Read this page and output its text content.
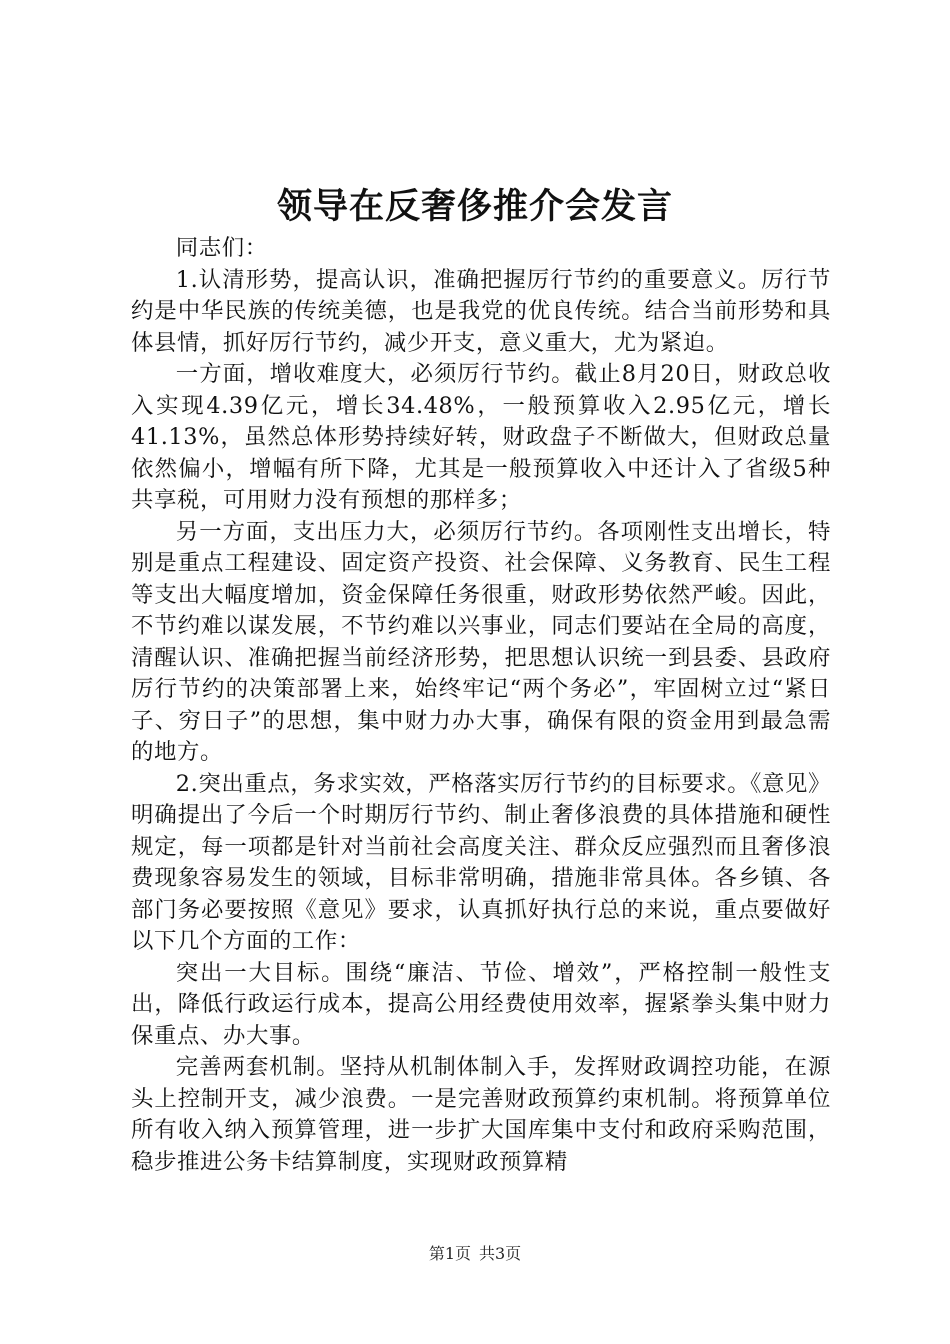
领导在反奢侈推介会发言

同志们：

1.认清形势，提高认识，准确把握厉行节约的重要意义。厉行节约是中华民族的传统美德，也是我党的优良传统。结合当前形势和具体县情，抓好厉行节约，减少开支，意义重大，尤为紧迫。

一方面，增收难度大，必须厉行节约。截止8月20日，财政总收入实现4.39亿元，增长34.48%，一般预算收入2.95亿元，增长41.13%，虽然总体形势持续好转，财政盘子不断做大，但财政总量依然偏小，增幅有所下降，尤其是一般预算收入中还计入了省级5种共享税，可用财力没有预想的那样多；

另一方面，支出压力大，必须厉行节约。各项刚性支出增长，特别是重点工程建设、固定资产投资、社会保障、义务教育、民生工程等支出大幅度增加，资金保障任务很重，财政形势依然严峻。因此，不节约难以谋发展，不节约难以兴事业，同志们要站在全局的高度，清醒认识、准确把握当前经济形势，把思想认识统一到县委、县政府厉行节约的决策部署上来，始终牢记“两个务必”，牢固树立过“紧日子、穷日子”的思想，集中财力办大事，确保有限的资金用到最急需的地方。

2.突出重点，务求实效，严格落实厉行节约的目标要求。《意见》明确提出了今后一个时期厉行节约、制止奢侈浪费的具体措施和硬性规定，每一项都是针对当前社会高度关注、群众反应强烈而且奢侈浪费现象容易发生的领域，目标非常明确，措施非常具体。各乡镇、各部门务必要按照《意见》要求，认真抓好执行总的来说，重点要做好以下几个方面的工作：

突出一大目标。围绕“廉洁、节俭、增效”，严格控制一般性支出，降低行政运行成本，提高公用经费使用效率，握紧拳头集中财力保重点、办大事。

完善两套机制。坚持从机制体制入手，发挥财政调控功能，在源头上控制开支，减少浪费。一是完善财政预算约束机制。将预算单位所有收入纳入预算管理，进一步扩大国库集中支付和政府采购范围，稳步推进公务卡结算制度，实现财政预算精

第1页 共3页
